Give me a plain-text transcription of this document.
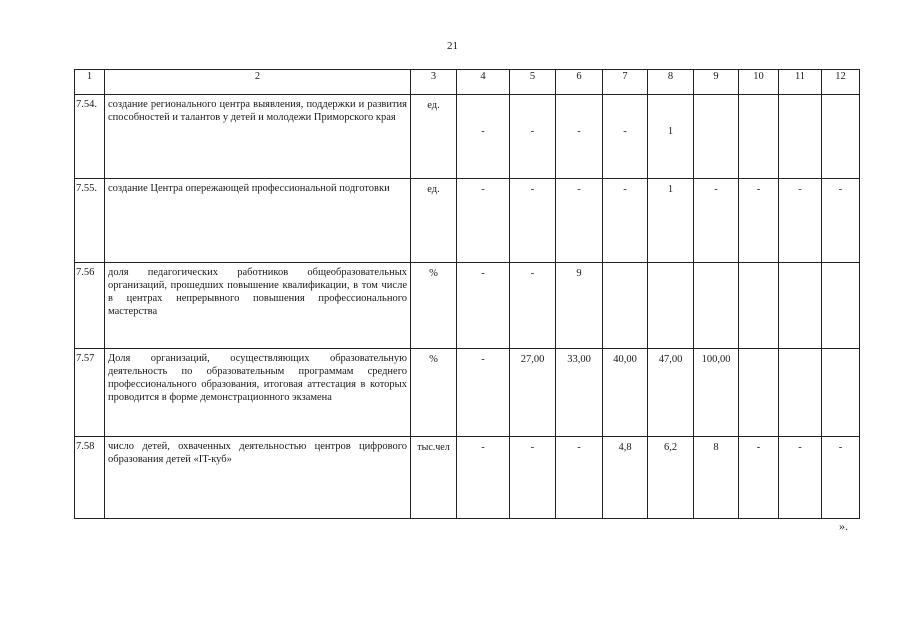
21
1	2	3	4	5	6	7	8	9	10	11	12
7.54.	создание регионального центра выявления, поддержки и развития способностей и талантов у детей и молодежи Приморского края	ед.	-	-	-	-	1				
7.55.	создание Центра опережающей профессиональной подготовки	ед.	-	-	-	-	1	-	-	-	-
7.56	доля педагогических работников общеобразовательных организаций, прошедших повышение квалификации, в том числе в центрах непрерывного повышения профессионального мастерства	%	-	-	9						
7.57	Доля организаций, осуществляющих образовательную деятельность по образовательным программам среднего профессионального образования, итоговая аттестация в которых проводится в форме демонстрационного экзамена	%	-	27,00	33,00	40,00	47,00	100,00			
7.58	число детей, охваченных деятельностью центров цифрового образования детей «IT-куб»	тыс.чел	-	-	-	4,8	6,2	8	-	-	-
».
